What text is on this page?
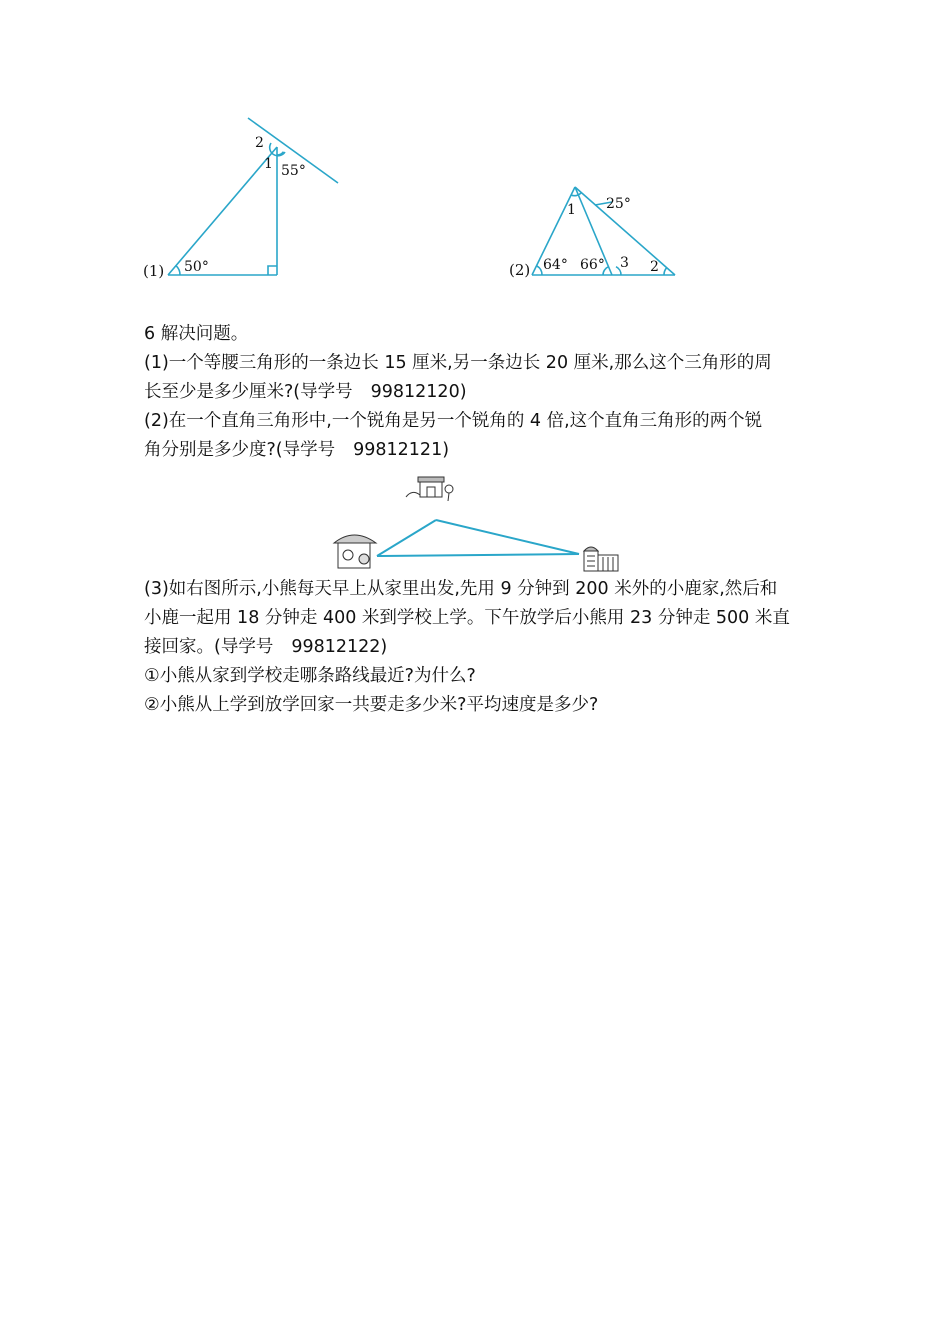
2
1 55°
50°
(1)
1 25°
64° 66° 3 2
(2)
6 解决问题。
(1)一个等腰三角形的一条边长 15 厘米,另一条边长 20 厘米,那么这个三角形的周
长至少是多少厘米?(导学号 99812120)
(2)在一个直角三角形中,一个锐角是另一个锐角的 4 倍,这个直角三角形的两个锐
角分别是多少度?(导学号 99812121)
(3)如右图所示,小熊每天早上从家里出发,先用 9 分钟到 200 米外的小鹿家,然后和
小鹿一起用 18 分钟走 400 米到学校上学。下午放学后小熊用 23 分钟走 500 米直
接回家。(导学号 99812122)
①小熊从家到学校走哪条路线最近?为什么?
②小熊从上学到放学回家一共要走多少米?平均速度是多少?
